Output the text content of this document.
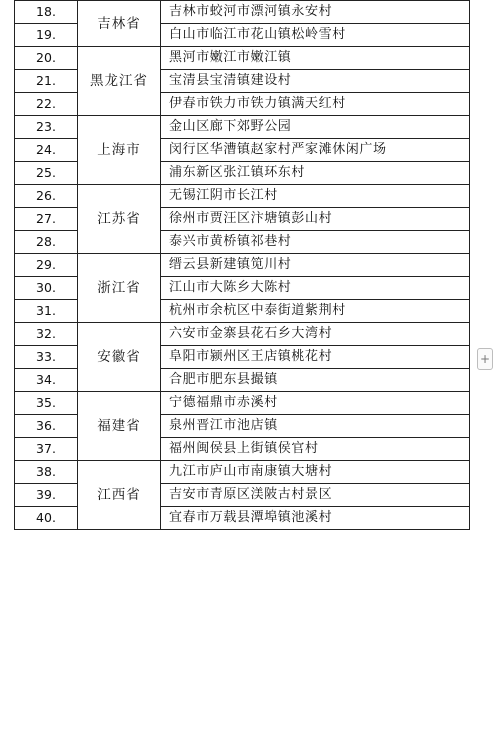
18.	吉林省	吉林市蛟河市漂河镇永安村
19.		白山市临江市花山镇松岭雪村
20.	黑龙江省	黑河市嫩江市嫩江镇
21.		宝清县宝清镇建设村
22.		伊春市铁力市铁力镇满天红村
23.	上海市	金山区廊下郊野公园
24.		闵行区华漕镇赵家村严家滩休闲广场
25.		浦东新区张江镇环东村
26.	江苏省	无锡江阴市长江村
27.		徐州市贾汪区汴塘镇彭山村
28.		泰兴市黄桥镇祁巷村
29.	浙江省	缙云县新建镇笕川村
30.		江山市大陈乡大陈村
31.		杭州市余杭区中泰街道紫荆村
32.	安徽省	六安市金寨县花石乡大湾村
33.		阜阳市颍州区王店镇桃花村
34.		合肥市肥东县撮镇
35.	福建省	宁德福鼎市赤溪村
36.		泉州晋江市池店镇
37.		福州闽侯县上街镇侯官村
38.	江西省	九江市庐山市南康镇大塘村
39.		吉安市青原区渼陂古村景区
40.		宜春市万载县潭埠镇池溪村
+
